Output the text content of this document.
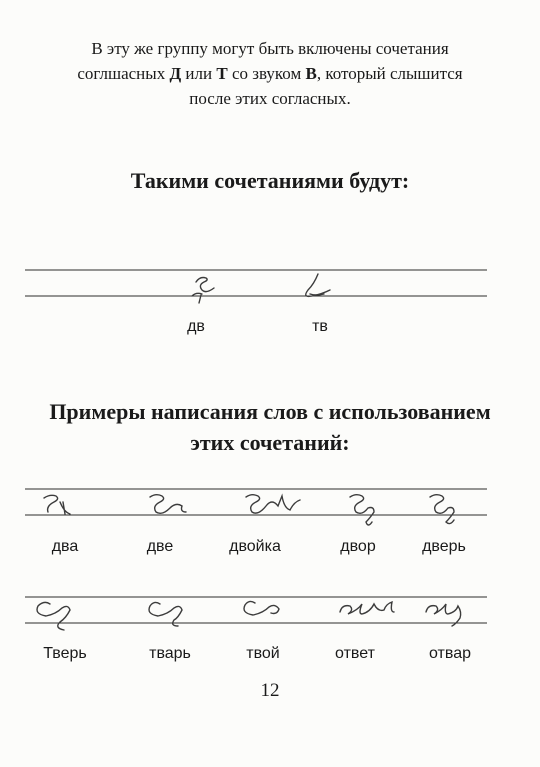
В эту же группу могут быть включены сочетания
соглшасных Д или Т со звуком В, который слышится
после этих согласных.
Такими сочетаниями будут:
дв	тв
Примеры написания слов с использованием
этих сочетаний:
два	две	двойка	двор	дверь
Тверь	тварь	твой	ответ	отвар
12
